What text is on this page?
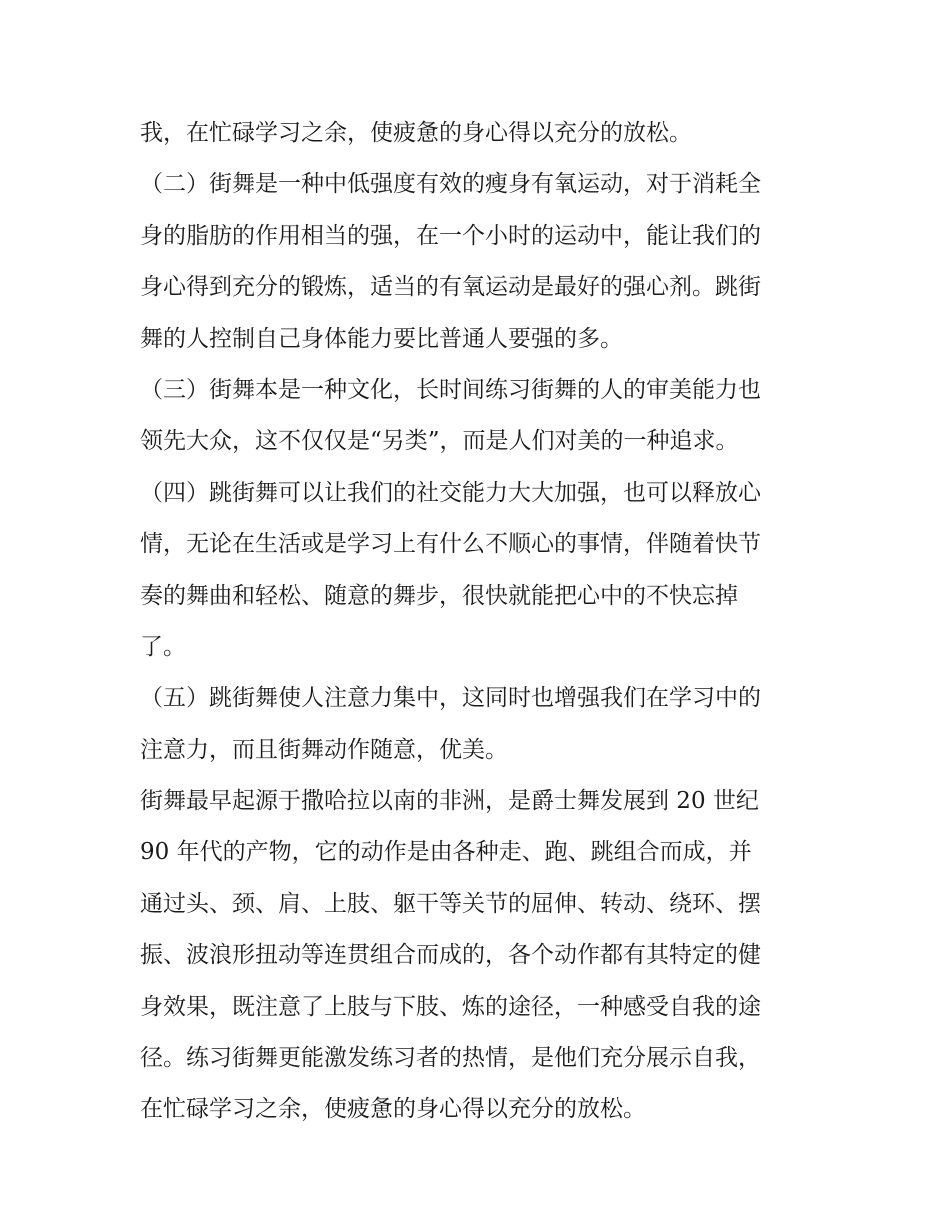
我，在忙碌学习之余，使疲惫的身心得以充分的放松。
（二）街舞是一种中低强度有效的瘦身有氧运动，对于消耗全
身的脂肪的作用相当的强，在一个小时的运动中，能让我们的
身心得到充分的锻炼，适当的有氧运动是最好的强心剂。跳街
舞的人控制自己身体能力要比普通人要强的多。
（三）街舞本是一种文化，长时间练习街舞的人的审美能力也
领先大众，这不仅仅是“另类”，而是人们对美的一种追求。
（四）跳街舞可以让我们的社交能力大大加强，也可以释放心
情，无论在生活或是学习上有什么不顺心的事情，伴随着快节
奏的舞曲和轻松、随意的舞步，很快就能把心中的不快忘掉
了。
（五）跳街舞使人注意力集中，这同时也增强我们在学习中的
注意力，而且街舞动作随意，优美。
街舞最早起源于撒哈拉以南的非洲，是爵士舞发展到 20 世纪
90 年代的产物，它的动作是由各种走、跑、跳组合而成，并
通过头、颈、肩、上肢、躯干等关节的屈伸、转动、绕环、摆
振、波浪形扭动等连贯组合而成的，各个动作都有其特定的健
身效果，既注意了上肢与下肢、炼的途径，一种感受自我的途
径。练习街舞更能激发练习者的热情，是他们充分展示自我，
在忙碌学习之余，使疲惫的身心得以充分的放松。
